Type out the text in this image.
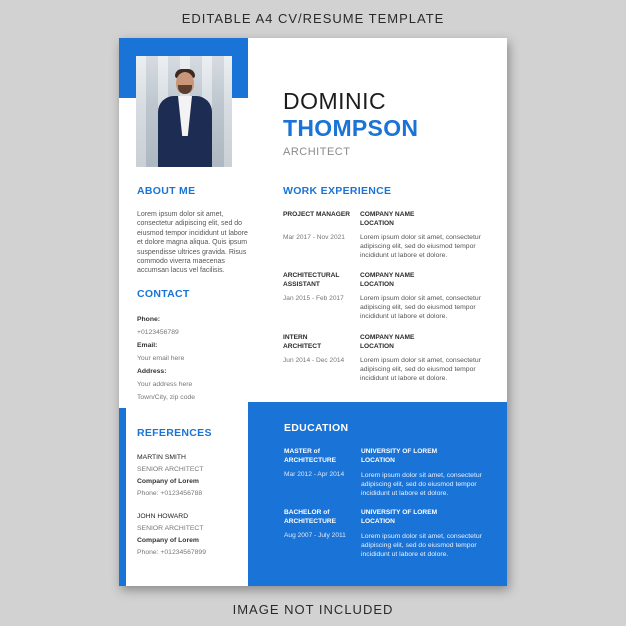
EDITABLE A4 CV/RESUME TEMPLATE
DOMINIC
THOMPSON
ARCHITECT
ABOUT ME
Lorem ipsum dolor sit amet, consectetur adipiscing elit, sed do eiusmod tempor incididunt ut labore et dolore magna aliqua. Quis ipsum suspendisse ultrices gravida. Risus commodo viverra maecenas accumsan lacus vel facilisis.
CONTACT
Phone:
+0123456789
Email:
Your email here
Address:
Your address here
Town/City, zip code
REFERENCES
MARTIN SMITH
SENIOR ARCHITECT
Company of Lorem
Phone: +0123456788
JOHN HOWARD
SENIOR ARCHITECT
Company of Lorem
Phone: +01234567899
WORK EXPERIENCE
PROJECT MANAGER
Mar 2017 - Nov 2021
COMPANY NAME LOCATION
Lorem ipsum dolor sit amet, consectetur adipiscing elit, sed do eiusmod tempor incididunt ut labore et dolore.
ARCHITECTURAL ASSISTANT
Jan 2015 - Feb 2017
COMPANY NAME LOCATION
Lorem ipsum dolor sit amet, consectetur adipiscing elit, sed do eiusmod tempor incididunt ut labore et dolore.
INTERN ARCHITECT
Jun 2014 - Dec 2014
COMPANY NAME LOCATION
Lorem ipsum dolor sit amet, consectetur adipiscing elit, sed do eiusmod tempor incididunt ut labore et dolore.
EDUCATION
MASTER of ARCHITECTURE
Mar 2012 - Apr 2014
UNIVERSITY OF LOREM LOCATION
Lorem ipsum dolor sit amet, consectetur adipiscing elit, sed do eiusmod tempor incididunt ut labore et dolore.
BACHELOR of ARCHITECTURE
Aug 2007 - July 2011
UNIVERSITY OF LOREM LOCATION
Lorem ipsum dolor sit amet, consectetur adipiscing elit, sed do eiusmod tempor incididunt ut labore et dolore.
IMAGE NOT INCLUDED
